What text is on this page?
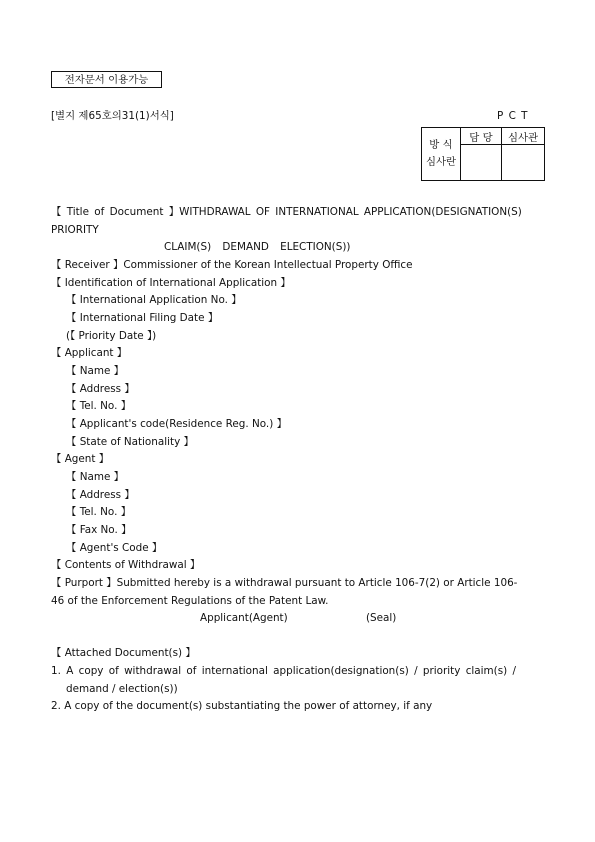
전자문서 이용가능
[별지 제65호의31(1)서식]	P C T
방 식
심사란	담 당	심사관

【 Title of Document 】WITHDRAWAL OF INTERNATIONAL APPLICATION(DESIGNATION(S)
PRIORITY
CLAIM(S) DEMAND ELECTION(S))
【 Receiver 】Commissioner of the Korean Intellectual Property Office
【 Identification of International Application 】
【 International Application No. 】
【 International Filing Date 】
(【 Priority Date 】)
【 Applicant 】
【 Name 】
【 Address 】
【 Tel. No. 】
【 Applicant's code(Residence Reg. No.) 】
【 State of Nationality 】
【 Agent 】
【 Name 】
【 Address 】
【 Tel. No. 】
【 Fax No. 】
【 Agent's Code 】
【 Contents of Withdrawal 】
【 Purport 】Submitted hereby is a withdrawal pursuant to Article 106-7(2) or Article 106-
46 of the Enforcement Regulations of the Patent Law.
Applicant(Agent)	(Seal)
【 Attached Document(s) 】
1. A copy of withdrawal of international application(designation(s) / priority claim(s) /
demand / election(s))
2. A copy of the document(s) substantiating the power of attorney, if any
